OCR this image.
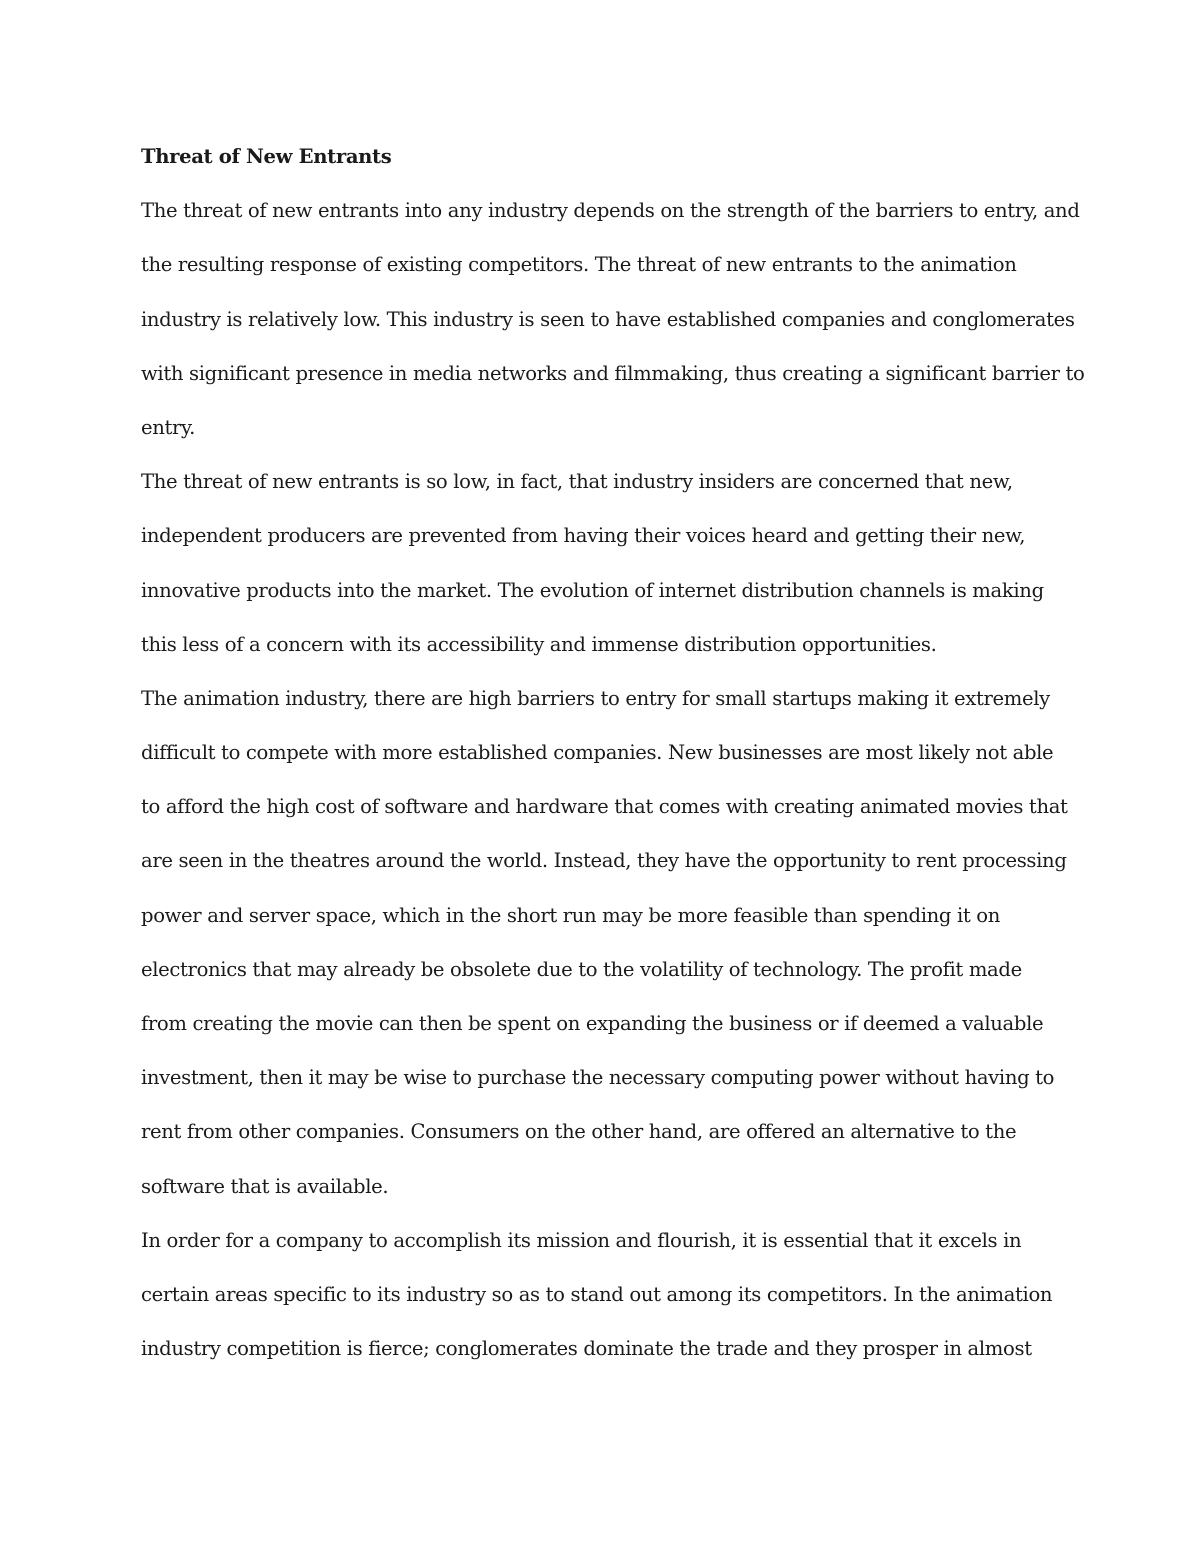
Threat of New Entrants
The threat of new entrants into any industry depends on the strength of the barriers to entry, and
the resulting response of existing competitors. The threat of new entrants to the animation
industry is relatively low. This industry is seen to have established companies and conglomerates
with significant presence in media networks and filmmaking, thus creating a significant barrier to
entry.
The threat of new entrants is so low, in fact, that industry insiders are concerned that new,
independent producers are prevented from having their voices heard and getting their new,
innovative products into the market. The evolution of internet distribution channels is making
this less of a concern with its accessibility and immense distribution opportunities.
The animation industry, there are high barriers to entry for small startups making it extremely
difficult to compete with more established companies. New businesses are most likely not able
to afford the high cost of software and hardware that comes with creating animated movies that
are seen in the theatres around the world. Instead, they have the opportunity to rent processing
power and server space, which in the short run may be more feasible than spending it on
electronics that may already be obsolete due to the volatility of technology. The profit made
from creating the movie can then be spent on expanding the business or if deemed a valuable
investment, then it may be wise to purchase the necessary computing power without having to
rent from other companies. Consumers on the other hand, are offered an alternative to the
software that is available.
In order for a company to accomplish its mission and flourish, it is essential that it excels in
certain areas specific to its industry so as to stand out among its competitors. In the animation
industry competition is fierce; conglomerates dominate the trade and they prosper in almost
